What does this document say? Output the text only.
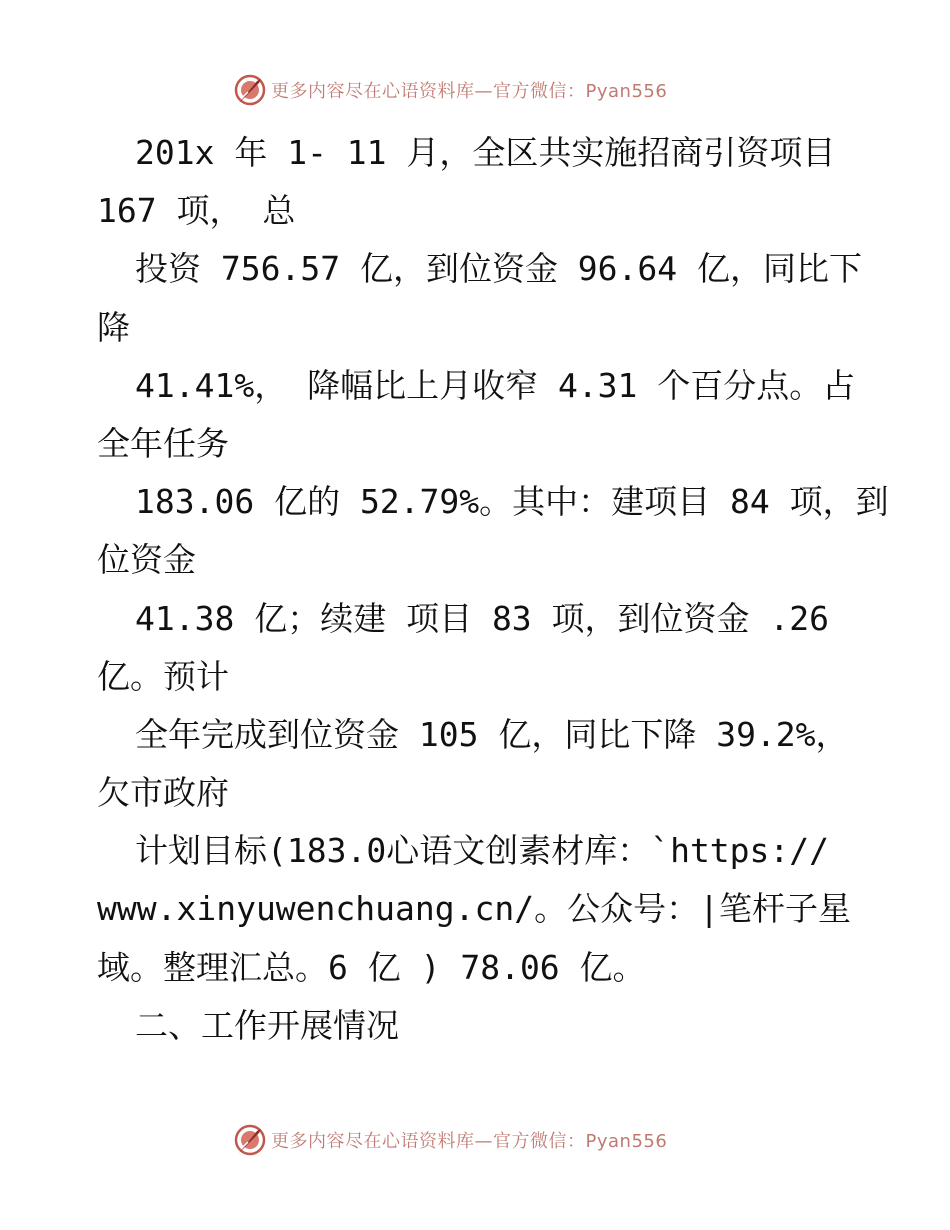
更多内容尽在心语资料库—官方微信：Pyan556
201x 年 1- 11 月，全区共实施招商引资项目
167 项， 总
投资 756.57 亿，到位资金 96.64 亿，同比下
降
41.41%， 降幅比上月收窄 4.31 个百分点。占
全年任务
183.06 亿的 52.79%。其中：建项目 84 项，到
位资金
41.38 亿；续建 项目 83 项，到位资金 .26
亿。预计
全年完成到位资金 105 亿，同比下降 39.2%，
欠市政府
计划目标(183.0心语文创素材库：`https://
www.xinyuwenchuang.cn/。公众号：|笔杆子星
域。整理汇总。6 亿 ) 78.06 亿。
二、工作开展情况
更多内容尽在心语资料库—官方微信：Pyan556
